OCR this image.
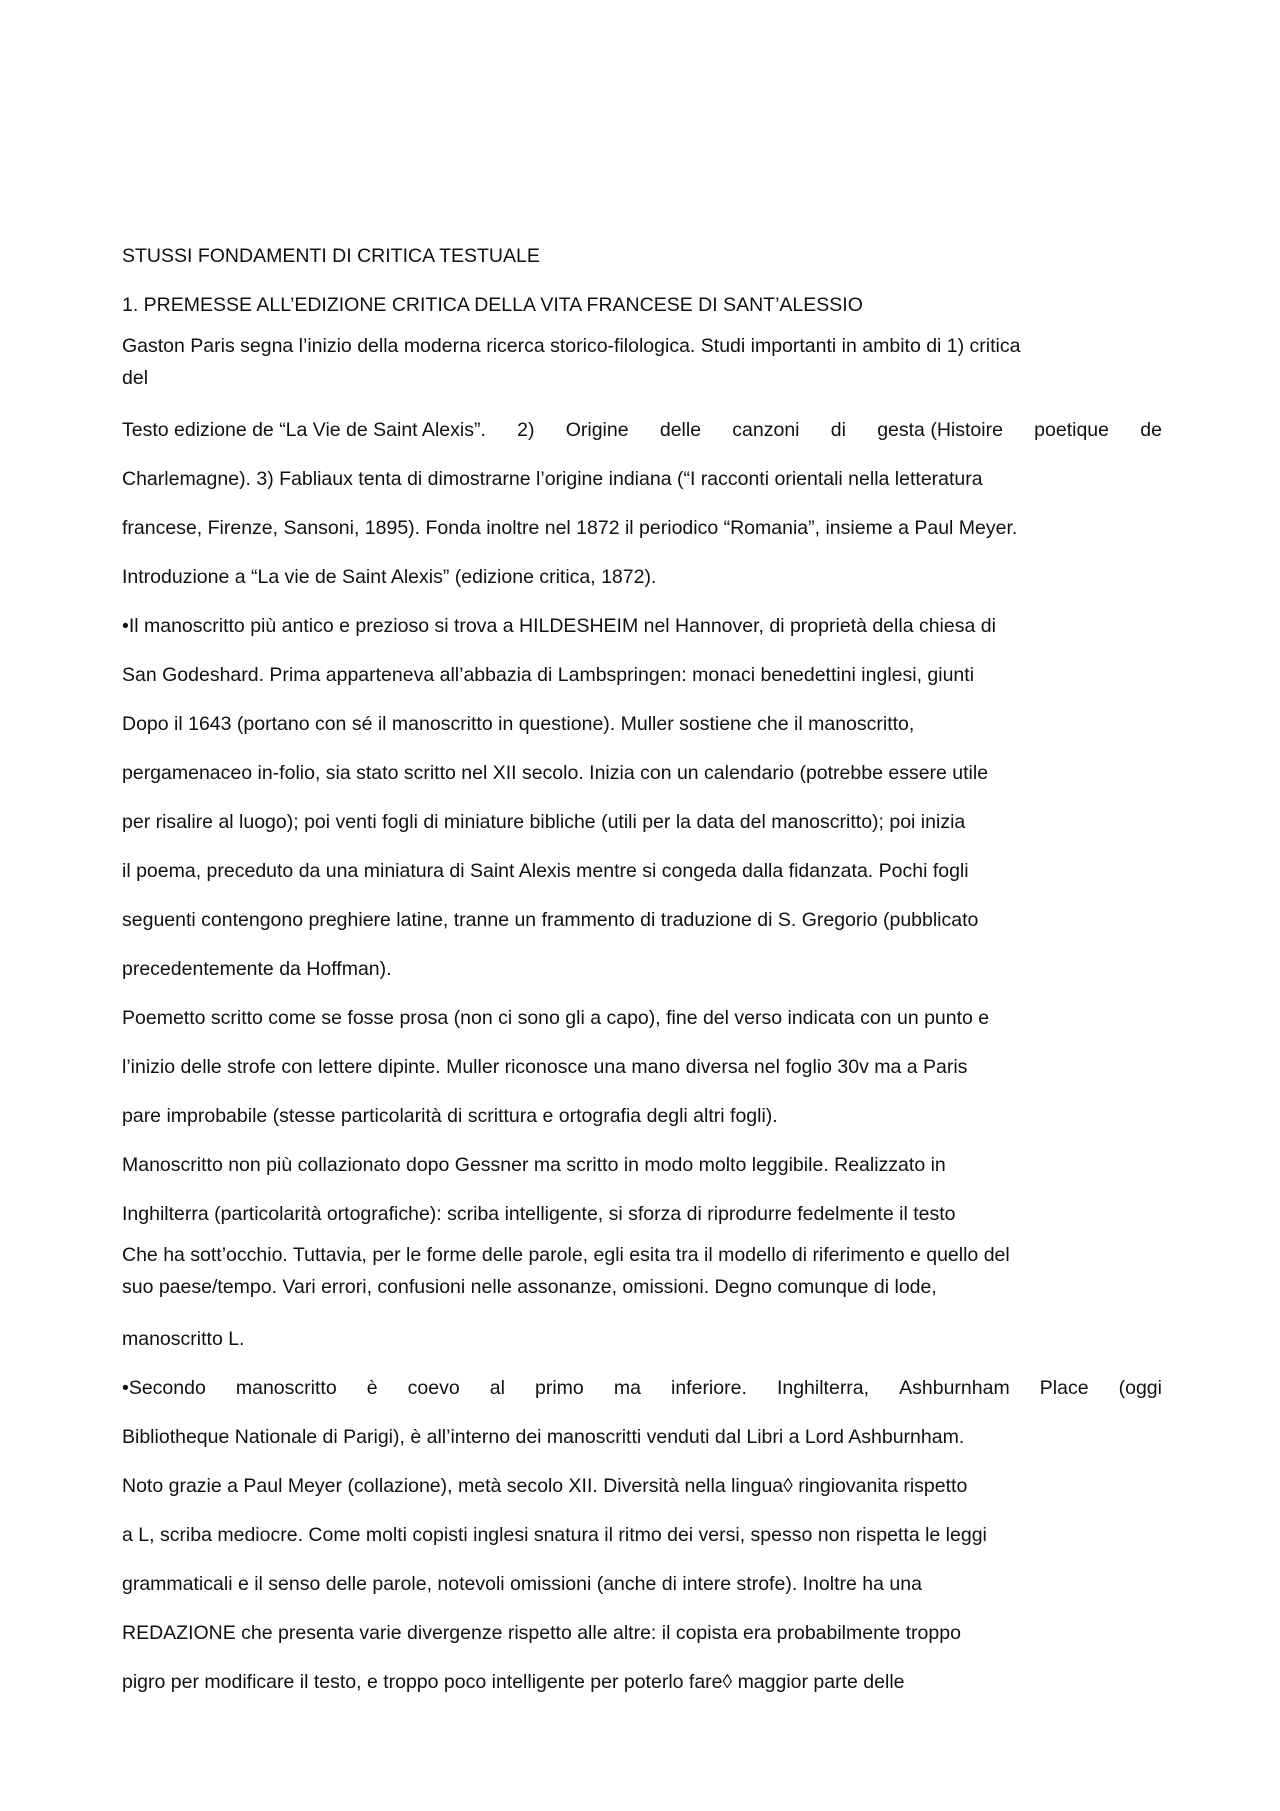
STUSSI FONDAMENTI DI CRITICA TESTUALE
1. PREMESSE ALL’EDIZIONE CRITICA DELLA VITA FRANCESE DI SANT’ALESSIO
Gaston Paris segna l’inizio della moderna ricerca storico-filologica. Studi importanti in ambito di 1) critica
del
Testo edizione de “La Vie de Saint Alexis”. 2) Origine delle canzoni di gesta (Histoire poetique de
Charlemagne). 3) Fabliaux tenta di dimostrarne l’origine indiana (“I racconti orientali nella letteratura
francese, Firenze, Sansoni, 1895). Fonda inoltre nel 1872 il periodico “Romania”, insieme a Paul Meyer.
Introduzione a “La vie de Saint Alexis” (edizione critica, 1872).
•Il manoscritto più antico e prezioso si trova a HILDESHEIM nel Hannover, di proprietà della chiesa di
San Godeshard. Prima apparteneva all’abbazia di Lambspringen: monaci benedettini inglesi, giunti
Dopo il 1643 (portano con sé il manoscritto in questione). Muller sostiene che il manoscritto,
pergamenaceo in-folio, sia stato scritto nel XII secolo. Inizia con un calendario (potrebbe essere utile
per risalire al luogo); poi venti fogli di miniature bibliche (utili per la data del manoscritto); poi inizia
il poema, preceduto da una miniatura di Saint Alexis mentre si congeda dalla fidanzata. Pochi fogli
seguenti contengono preghiere latine, tranne un frammento di traduzione di S. Gregorio (pubblicato
precedentemente da Hoffman).
Poemetto scritto come se fosse prosa (non ci sono gli a capo), fine del verso indicata con un punto e
l’inizio delle strofe con lettere dipinte. Muller riconosce una mano diversa nel foglio 30v ma a Paris
pare improbabile (stesse particolarità di scrittura e ortografia degli altri fogli).
Manoscritto non più collazionato dopo Gessner ma scritto in modo molto leggibile. Realizzato in
Inghilterra (particolarità ortografiche): scriba intelligente, si sforza di riprodurre fedelmente il testo
Che ha sott’occhio. Tuttavia, per le forme delle parole, egli esita tra il modello di riferimento e quello del
suo paese/tempo. Vari errori, confusioni nelle assonanze, omissioni. Degno comunque di lode,
manoscritto L.
•Secondo manoscritto è coevo al primo ma inferiore. Inghilterra, Ashburnham Place (oggi
Bibliotheque Nationale di Parigi), è all’interno dei manoscritti venduti dal Libri a Lord Ashburnham.
Noto grazie a Paul Meyer (collazione), metà secolo XII. Diversità nella lingua◊ ringiovanita rispetto
a L, scriba mediocre. Come molti copisti inglesi snatura il ritmo dei versi, spesso non rispetta le leggi
grammaticali e il senso delle parole, notevoli omissioni (anche di intere strofe). Inoltre ha una
REDAZIONE che presenta varie divergenze rispetto alle altre: il copista era probabilmente troppo
pigro per modificare il testo, e troppo poco intelligente per poterlo fare◊ maggior parte delle
